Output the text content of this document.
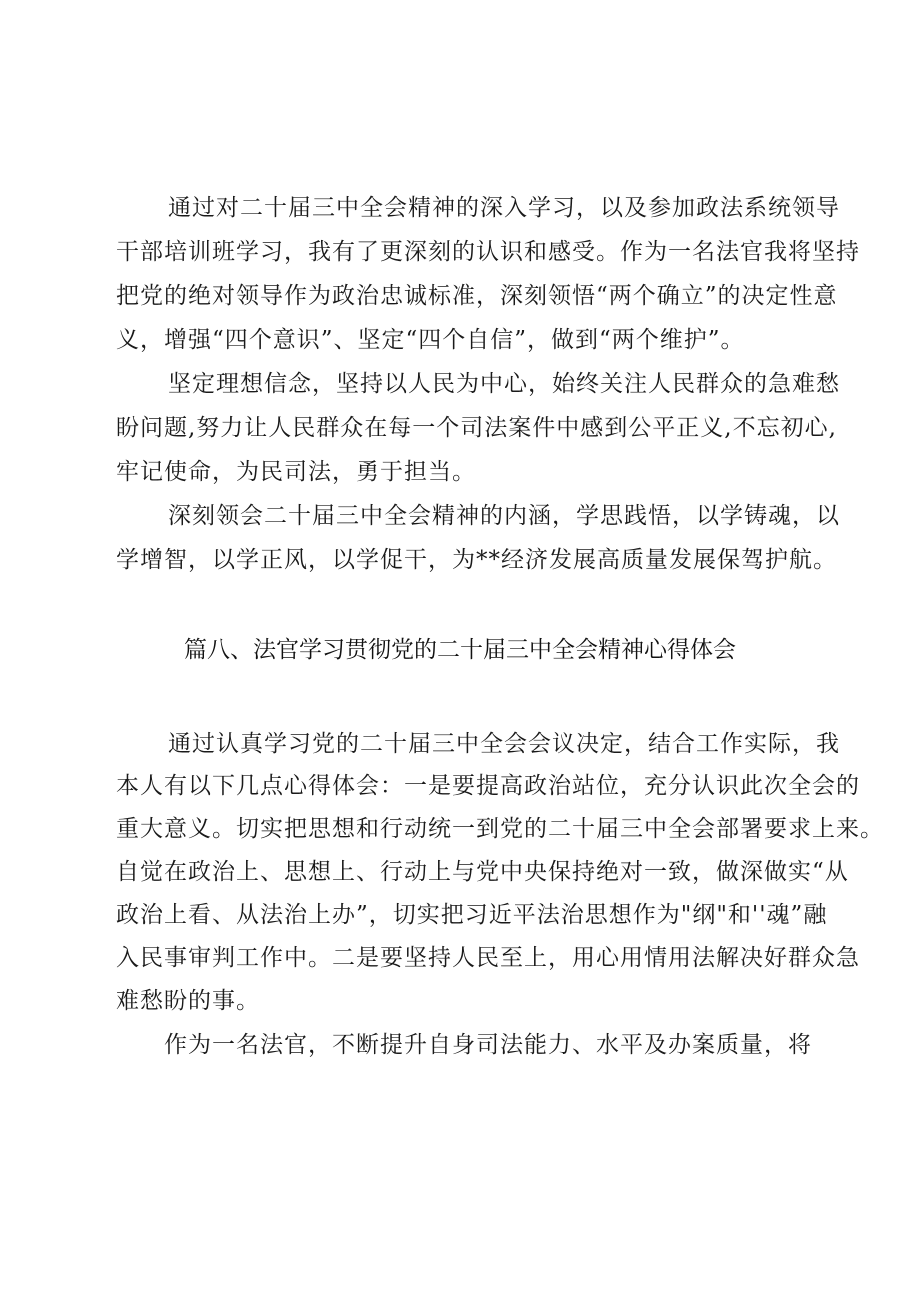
通过对二十届三中全会精神的深入学习，以及参加政法系统领导
干部培训班学习，我有了更深刻的认识和感受。作为一名法官我将坚持
把党的绝对领导作为政治忠诚标准，深刻领悟“两个确立”的决定性意
义，增强“四个意识”、坚定“四个自信”，做到“两个维护”。
坚定理想信念，坚持以人民为中心，始终关注人民群众的急难愁
盼问题,努力让人民群众在每一个司法案件中感到公平正义,不忘初心,
牢记使命，为民司法，勇于担当。
深刻领会二十届三中全会精神的内涵，学思践悟，以学铸魂，以
学增智，以学正风，以学促干，为**经济发展高质量发展保驾护航。
篇八、法官学习贯彻党的二十届三中全会精神心得体会
通过认真学习党的二十届三中全会会议决定，结合工作实际，我
本人有以下几点心得体会：一是要提高政治站位，充分认识此次全会的
重大意义。切实把思想和行动统一到党的二十届三中全会部署要求上来。
自觉在政治上、思想上、行动上与党中央保持绝对一致，做深做实“从
政治上看、从法治上办”，切实把习近平法治思想作为"纲"和''魂”融
入民事审判工作中。二是要坚持人民至上，用心用情用法解决好群众急
难愁盼的事。
作为一名法官，不断提升自身司法能力、水平及办案质量，将
